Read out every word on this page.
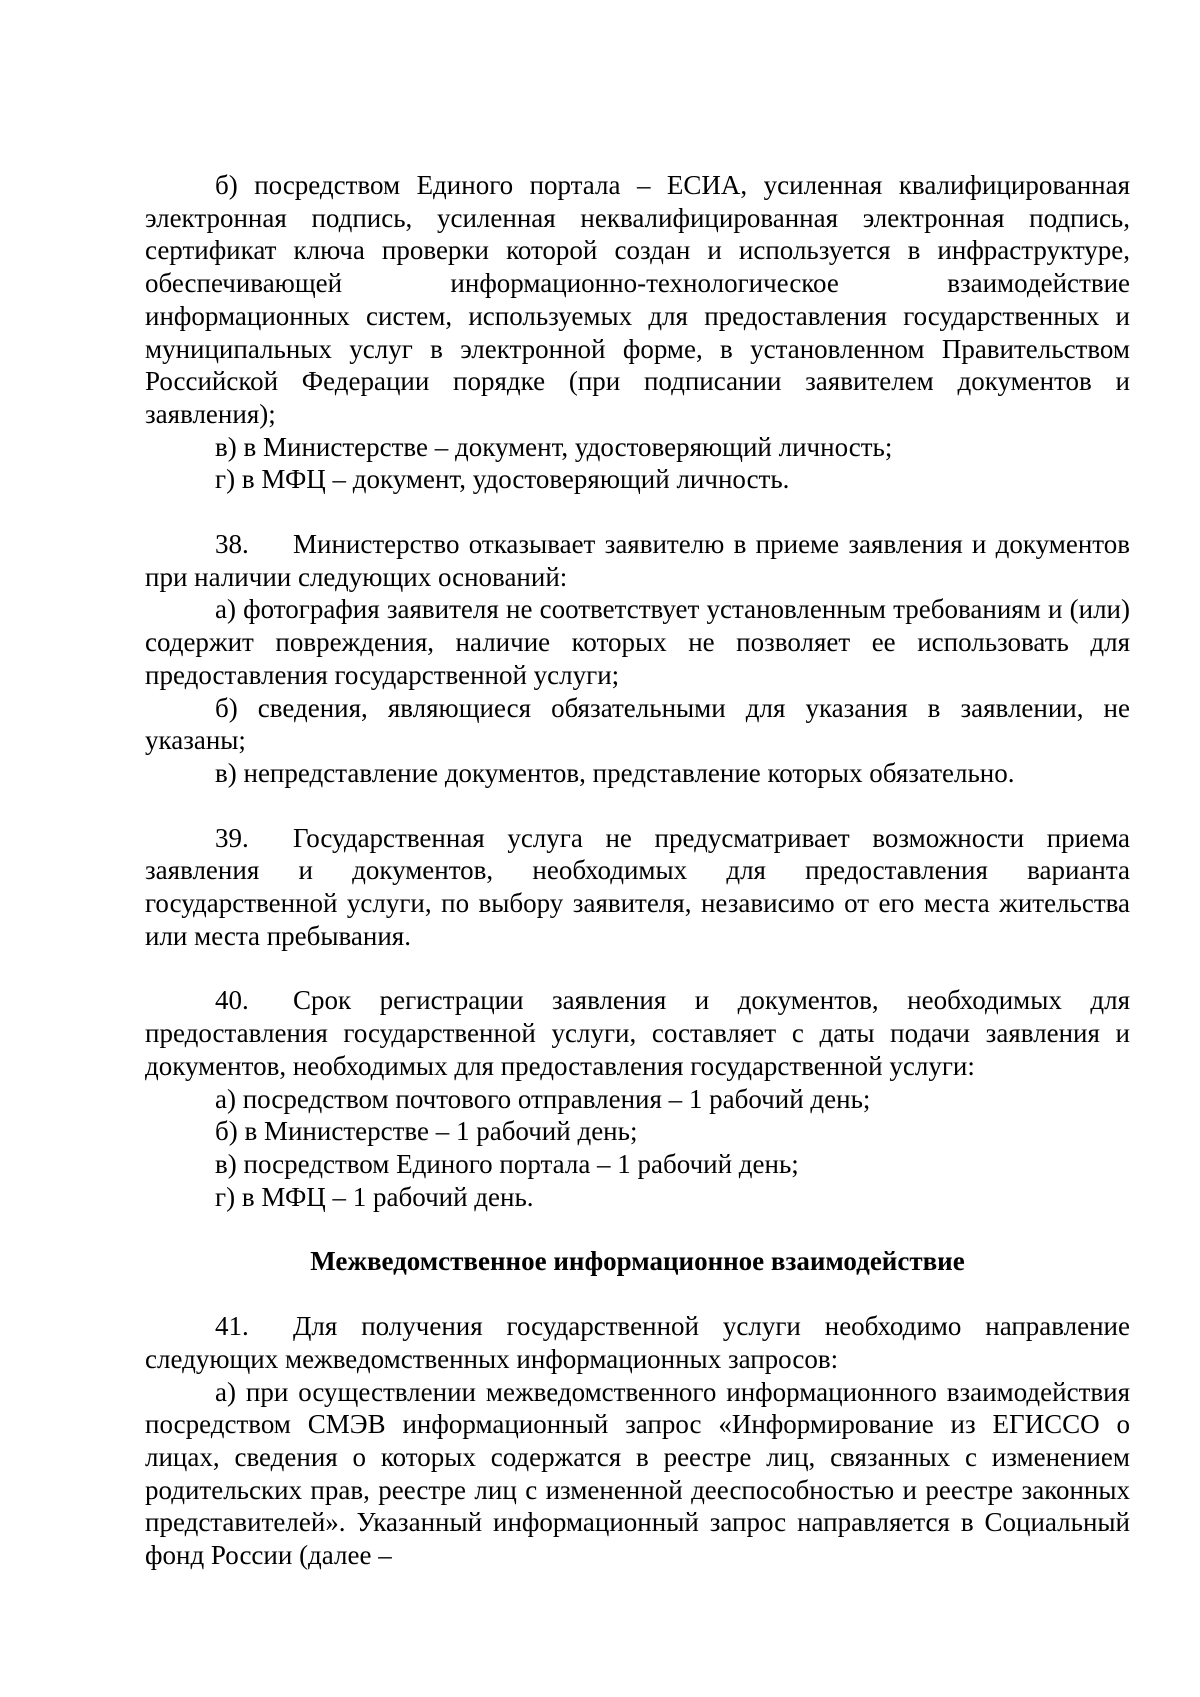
б) посредством Единого портала – ЕСИА, усиленная квалифицированная электронная подпись, усиленная неквалифицированная электронная подпись, сертификат ключа проверки которой создан и используется в инфраструктуре, обеспечивающей информационно-технологическое взаимодействие информационных систем, используемых для предоставления государственных и муниципальных услуг в электронной форме, в установленном Правительством Российской Федерации порядке (при подписании заявителем документов и заявления);

в) в Министерстве – документ, удостоверяющий личность;

г) в МФЦ – документ, удостоверяющий личность.

38. Министерство отказывает заявителю в приеме заявления и документов при наличии следующих оснований:

а) фотография заявителя не соответствует установленным требованиям и (или) содержит повреждения, наличие которых не позволяет ее использовать для предоставления государственной услуги;

б) сведения, являющиеся обязательными для указания в заявлении, не указаны;

в) непредставление документов, представление которых обязательно.

39. Государственная услуга не предусматривает возможности приема заявления и документов, необходимых для предоставления варианта государственной услуги, по выбору заявителя, независимо от его места жительства или места пребывания.

40. Срок регистрации заявления и документов, необходимых для предоставления государственной услуги, составляет с даты подачи заявления и документов, необходимых для предоставления государственной услуги:

а) посредством почтового отправления – 1 рабочий день;

б) в Министерстве – 1 рабочий день;

в) посредством Единого портала – 1 рабочий день;

г) в МФЦ – 1 рабочий день.

Межведомственное информационное взаимодействие

41. Для получения государственной услуги необходимо направление следующих межведомственных информационных запросов:

а) при осуществлении межведомственного информационного взаимодействия посредством СМЭВ информационный запрос «Информирование из ЕГИССО о лицах, сведения о которых содержатся в реестре лиц, связанных с изменением родительских прав, реестре лиц с измененной дееспособностью и реестре законных представителей». Указанный информационный запрос направляется в Социальный фонд России (далее –
